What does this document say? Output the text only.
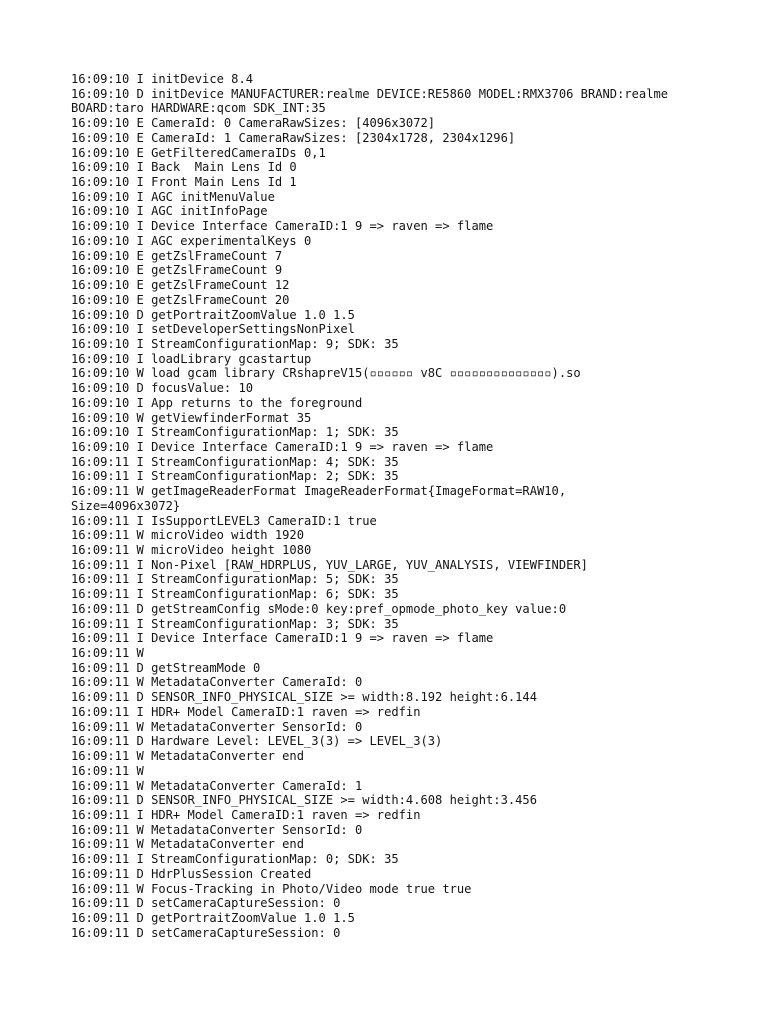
16:09:10 I initDevice 8.4
16:09:10 D initDevice MANUFACTURER:realme DEVICE:RE5860 MODEL:RMX3706 BRAND:realme
BOARD:taro HARDWARE:qcom SDK_INT:35
16:09:10 E CameraId: 0 CameraRawSizes: [4096x3072]
16:09:10 E CameraId: 1 CameraRawSizes: [2304x1728, 2304x1296]
16:09:10 E GetFilteredCameraIDs 0,1
16:09:10 I Back  Main Lens Id 0
16:09:10 I Front Main Lens Id 1
16:09:10 I AGC initMenuValue
16:09:10 I AGC initInfoPage
16:09:10 I Device Interface CameraID:1 9 => raven => flame
16:09:10 I AGC experimentalKeys 0
16:09:10 E getZslFrameCount 7
16:09:10 E getZslFrameCount 9
16:09:10 E getZslFrameCount 12
16:09:10 E getZslFrameCount 20
16:09:10 D getPortraitZoomValue 1.0 1.5
16:09:10 I setDeveloperSettingsNonPixel
16:09:10 I StreamConfigurationMap: 9; SDK: 35
16:09:10 I loadLibrary gcastartup
16:09:10 W load gcam library CRshapreV15(▫▫▫▫▫▫ v8C ▫▫▫▫▫▫▫▫▫▫▫▫▫▫).so
16:09:10 D focusValue: 10
16:09:10 I App returns to the foreground
16:09:10 W getViewfinderFormat 35
16:09:10 I StreamConfigurationMap: 1; SDK: 35
16:09:10 I Device Interface CameraID:1 9 => raven => flame
16:09:11 I StreamConfigurationMap: 4; SDK: 35
16:09:11 I StreamConfigurationMap: 2; SDK: 35
16:09:11 W getImageReaderFormat ImageReaderFormat{ImageFormat=RAW10,
Size=4096x3072}
16:09:11 I IsSupportLEVEL3 CameraID:1 true
16:09:11 W microVideo width 1920
16:09:11 W microVideo height 1080
16:09:11 I Non-Pixel [RAW_HDRPLUS, YUV_LARGE, YUV_ANALYSIS, VIEWFINDER]
16:09:11 I StreamConfigurationMap: 5; SDK: 35
16:09:11 I StreamConfigurationMap: 6; SDK: 35
16:09:11 D getStreamConfig sMode:0 key:pref_opmode_photo_key value:0
16:09:11 I StreamConfigurationMap: 3; SDK: 35
16:09:11 I Device Interface CameraID:1 9 => raven => flame
16:09:11 W
16:09:11 D getStreamMode 0
16:09:11 W MetadataConverter CameraId: 0
16:09:11 D SENSOR_INFO_PHYSICAL_SIZE >= width:8.192 height:6.144
16:09:11 I HDR+ Model CameraID:1 raven => redfin
16:09:11 W MetadataConverter SensorId: 0
16:09:11 D Hardware Level: LEVEL_3(3) => LEVEL_3(3)
16:09:11 W MetadataConverter end
16:09:11 W
16:09:11 W MetadataConverter CameraId: 1
16:09:11 D SENSOR_INFO_PHYSICAL_SIZE >= width:4.608 height:3.456
16:09:11 I HDR+ Model CameraID:1 raven => redfin
16:09:11 W MetadataConverter SensorId: 0
16:09:11 W MetadataConverter end
16:09:11 I StreamConfigurationMap: 0; SDK: 35
16:09:11 D HdrPlusSession Created
16:09:11 W Focus-Tracking in Photo/Video mode true true
16:09:11 D setCameraCaptureSession: 0
16:09:11 D getPortraitZoomValue 1.0 1.5
16:09:11 D setCameraCaptureSession: 0
